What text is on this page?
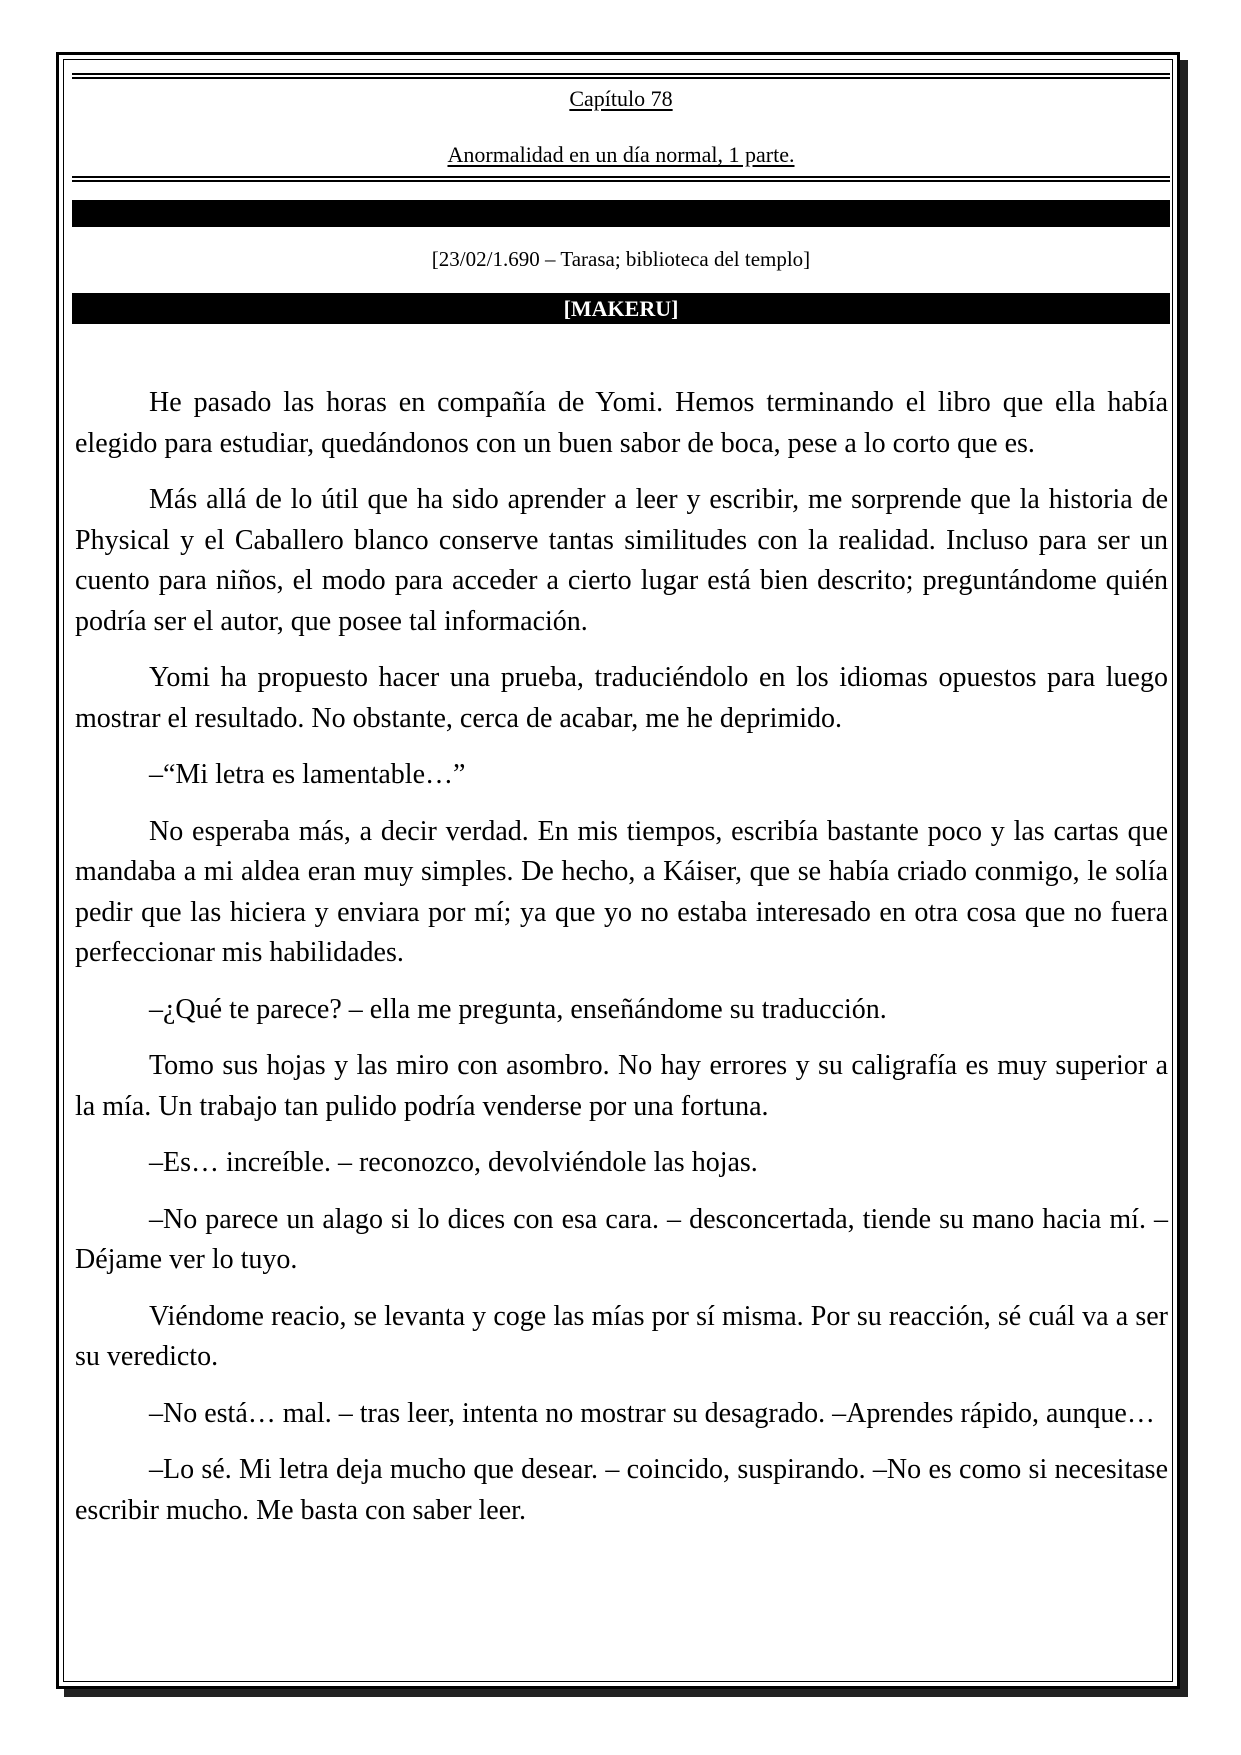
Capítulo 78
Anormalidad en un día normal, 1 parte.
[23/02/1.690 – Tarasa; biblioteca del templo]
[MAKERU]

He pasado las horas en compañía de Yomi. Hemos terminando el libro que ella había elegido para estudiar, quedándonos con un buen sabor de boca, pese a lo corto que es.

Más allá de lo útil que ha sido aprender a leer y escribir, me sorprende que la historia de Physical y el Caballero blanco conserve tantas similitudes con la realidad. Incluso para ser un cuento para niños, el modo para acceder a cierto lugar está bien descrito; preguntándome quién podría ser el autor, que posee tal información.

Yomi ha propuesto hacer una prueba, traduciéndolo en los idiomas opuestos para luego mostrar el resultado. No obstante, cerca de acabar, me he deprimido.

–“Mi letra es lamentable…”

No esperaba más, a decir verdad. En mis tiempos, escribía bastante poco y las cartas que mandaba a mi aldea eran muy simples. De hecho, a Káiser, que se había criado conmigo, le solía pedir que las hiciera y enviara por mí; ya que yo no estaba interesado en otra cosa que no fuera perfeccionar mis habilidades.

–¿Qué te parece? – ella me pregunta, enseñándome su traducción.

Tomo sus hojas y las miro con asombro. No hay errores y su caligrafía es muy superior a la mía. Un trabajo tan pulido podría venderse por una fortuna.

–Es… increíble. – reconozco, devolviéndole las hojas.

–No parece un alago si lo dices con esa cara. – desconcertada, tiende su mano hacia mí. –Déjame ver lo tuyo.

Viéndome reacio, se levanta y coge las mías por sí misma. Por su reacción, sé cuál va a ser su veredicto.

–No está… mal. – tras leer, intenta no mostrar su desagrado. –Aprendes rápido, aunque…

–Lo sé. Mi letra deja mucho que desear. – coincido, suspirando. –No es como si necesitase escribir mucho. Me basta con saber leer.
